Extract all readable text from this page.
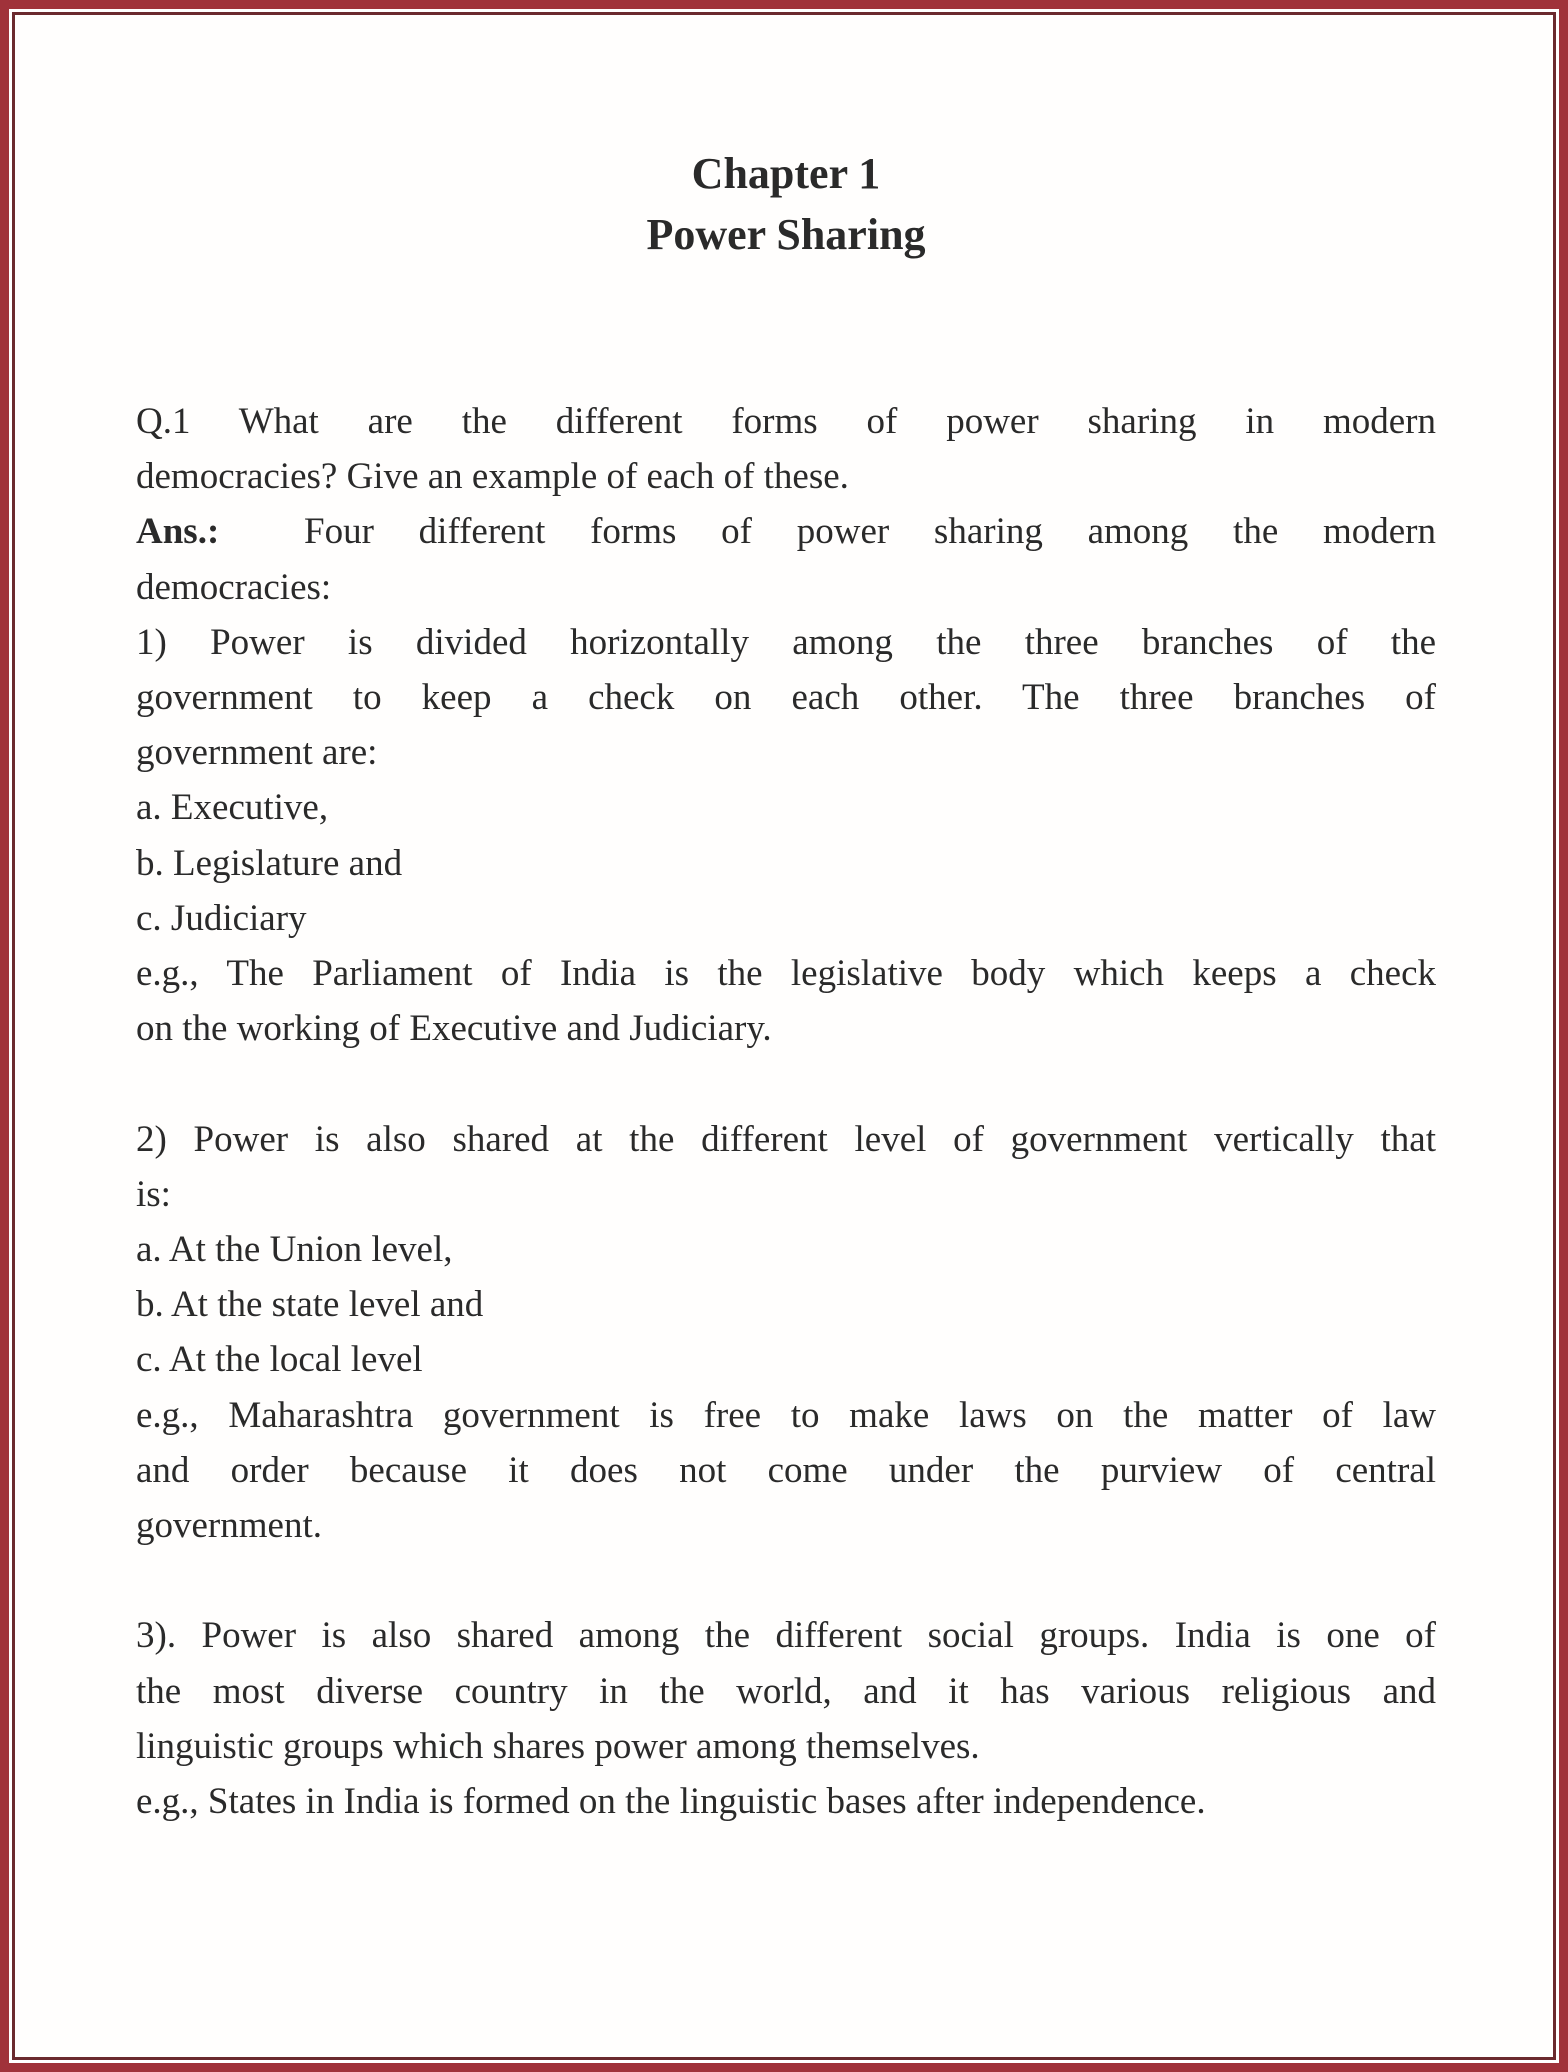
Chapter 1
Power Sharing
Q.1 What are the different forms of power sharing in modern
democracies? Give an example of each of these.
Ans.: Four different forms of power sharing among the modern
democracies:
1) Power is divided horizontally among the three branches of the
government to keep a check on each other. The three branches of
government are:
a. Executive,
b. Legislature and
c. Judiciary
e.g., The Parliament of India is the legislative body which keeps a check
on the working of Executive and Judiciary.
2) Power is also shared at the different level of government vertically that
is:
a. At the Union level,
b. At the state level and
c. At the local level
e.g., Maharashtra government is free to make laws on the matter of law
and order because it does not come under the purview of central
government.
3). Power is also shared among the different social groups. India is one of
the most diverse country in the world, and it has various religious and
linguistic groups which shares power among themselves.
e.g., States in India is formed on the linguistic bases after independence.
